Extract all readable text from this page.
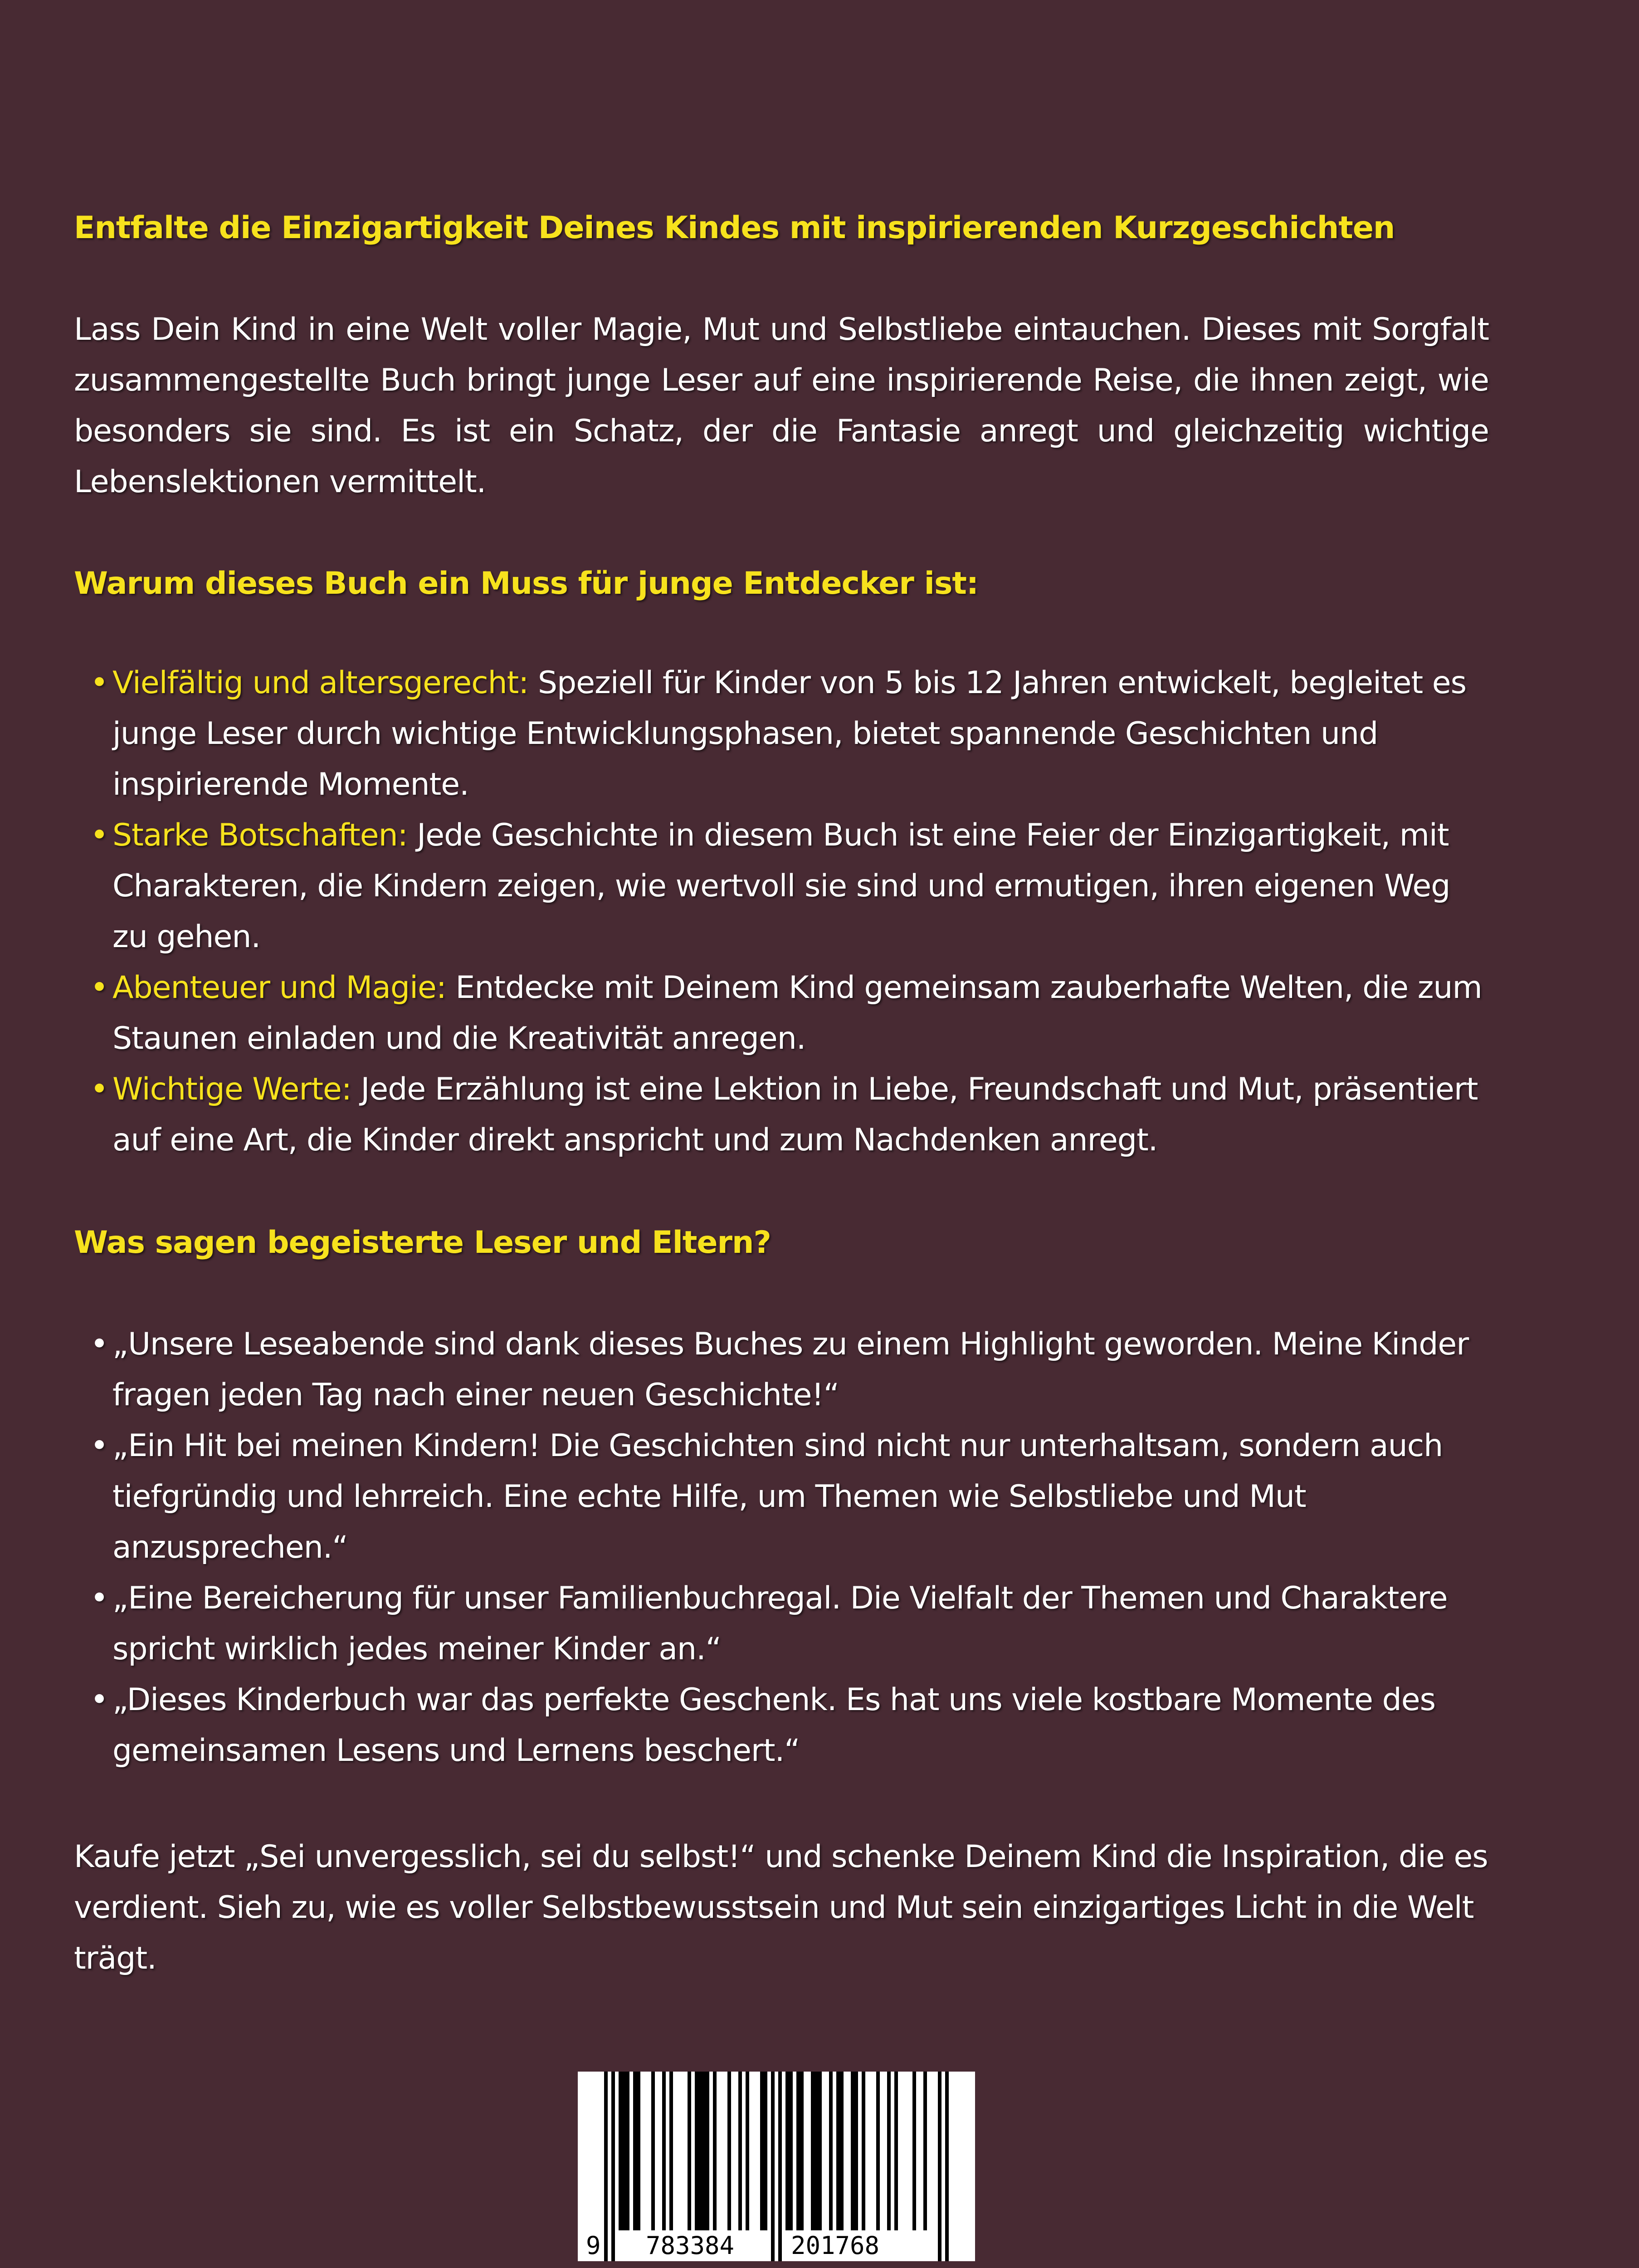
Entfalte die Einzigartigkeit Deines Kindes mit inspirierenden Kurzgeschichten

Lass Dein Kind in eine Welt voller Magie, Mut und Selbstliebe eintauchen. Dieses mit Sorgfalt zusammengestellte Buch bringt junge Leser auf eine inspirierende Reise, die ihnen zeigt, wie besonders sie sind. Es ist ein Schatz, der die Fantasie anregt und gleichzeitig wichtige Lebenslektionen vermittelt.

Warum dieses Buch ein Muss für junge Entdecker ist:
• Vielfältig und altersgerecht: Speziell für Kinder von 5 bis 12 Jahren entwickelt, begleitet es junge Leser durch wichtige Entwicklungsphasen, bietet spannende Geschichten und inspirierende Momente.
• Starke Botschaften: Jede Geschichte in diesem Buch ist eine Feier der Einzigartigkeit, mit Charakteren, die Kindern zeigen, wie wertvoll sie sind und ermutigen, ihren eigenen Weg zu gehen.
• Abenteuer und Magie: Entdecke mit Deinem Kind gemeinsam zauberhafte Welten, die zum Staunen einladen und die Kreativität anregen.
• Wichtige Werte: Jede Erzählung ist eine Lektion in Liebe, Freundschaft und Mut, präsentiert auf eine Art, die Kinder direkt anspricht und zum Nachdenken anregt.
Was sagen begeisterte Leser und Eltern?
• „Unsere Leseabende sind dank dieses Buches zu einem Highlight geworden. Meine Kinder fragen jeden Tag nach einer neuen Geschichte!“
• „Ein Hit bei meinen Kindern! Die Geschichten sind nicht nur unterhaltsam, sondern auch tiefgründig und lehrreich. Eine echte Hilfe, um Themen wie Selbstliebe und Mut anzusprechen.“
• „Eine Bereicherung für unser Familienbuchregal. Die Vielfalt der Themen und Charaktere spricht wirklich jedes meiner Kinder an.“
• „Dieses Kinderbuch war das perfekte Geschenk. Es hat uns viele kostbare Momente des gemeinsamen Lesens und Lernens beschert.“

Kaufe jetzt „Sei unvergesslich, sei du selbst!“ und schenke Deinem Kind die Inspiration, die es verdient. Sieh zu, wie es voller Selbstbewusstsein und Mut sein einzigartiges Licht in die Welt trägt.

9 783384 201768
